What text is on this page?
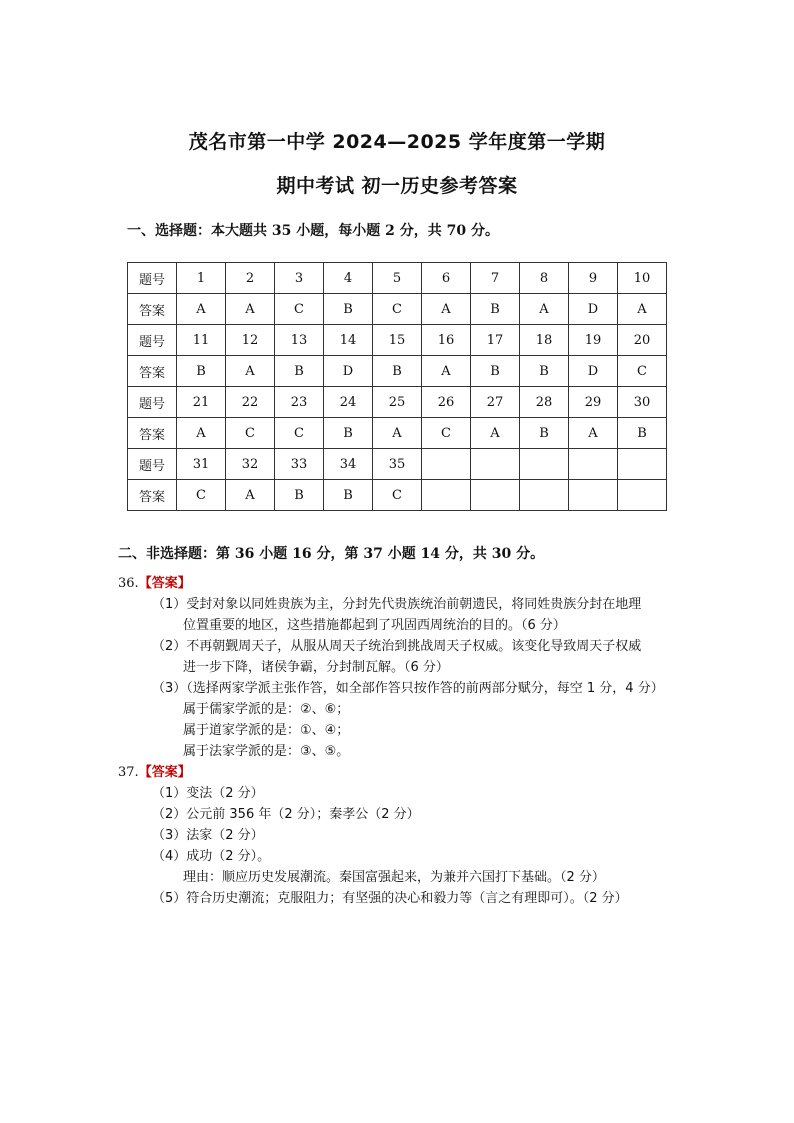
茂名市第一中学 2024—2025 学年度第一学期
期中考试 初一历史参考答案
一、选择题：本大题共 35 小题，每小题 2 分，共 70 分。
题号	1	2	3	4	5	6	7	8	9	10
答案	A	A	C	B	C	A	B	A	D	A
题号	11	12	13	14	15	16	17	18	19	20
答案	B	A	B	D	B	A	B	B	D	C
题号	21	22	23	24	25	26	27	28	29	30
答案	A	C	C	B	A	C	A	B	A	B
题号	31	32	33	34	35					
答案	C	A	B	B	C					
二、非选择题：第 36 小题 16 分，第 37 小题 14 分，共 30 分。
36.【答案】
（1）受封对象以同姓贵族为主，分封先代贵族统治前朝遗民，将同姓贵族分封在地理
位置重要的地区，这些措施都起到了巩固西周统治的目的。（6 分）
（2）不再朝觐周天子，从服从周天子统治到挑战周天子权威。该变化导致周天子权威
进一步下降，诸侯争霸，分封制瓦解。（6 分）
（3）（选择两家学派主张作答，如全部作答只按作答的前两部分赋分，每空 1 分，4 分）
属于儒家学派的是：②、⑥；
属于道家学派的是：①、④；
属于法家学派的是：③、⑤。
37.【答案】
（1）变法（2 分）
（2）公元前 356 年（2 分）；秦孝公（2 分）
（3）法家（2 分）
（4）成功（2 分）。
理由：顺应历史发展潮流。秦国富强起来，为兼并六国打下基础。（2 分）
（5）符合历史潮流；克服阻力；有坚强的决心和毅力等（言之有理即可）。（2 分）
